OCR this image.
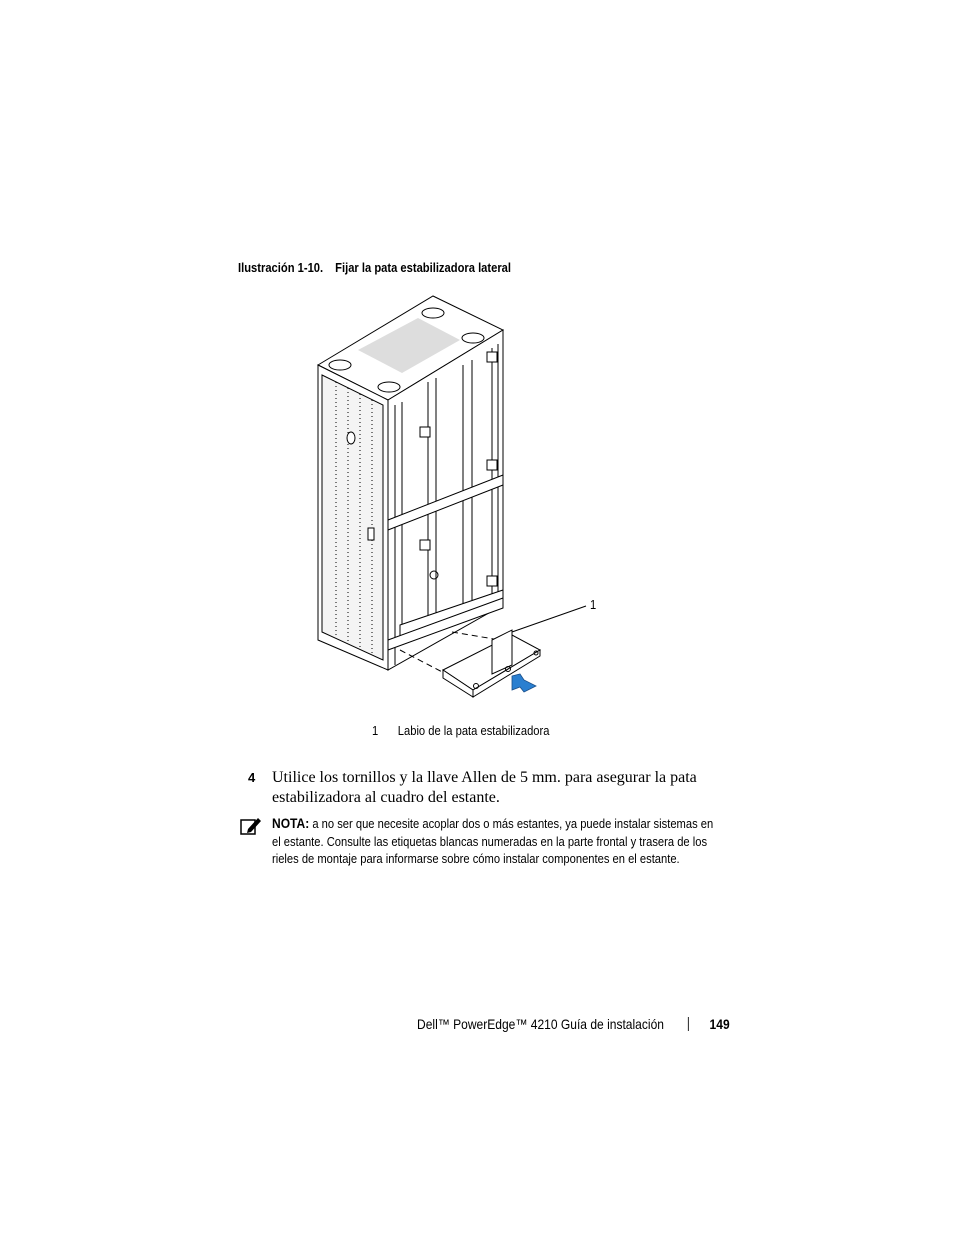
Ilustración 1-10. Fijar la pata estabilizadora lateral
1
1 Labio de la pata estabilizadora
4 Utilice los tornillos y la llave Allen de 5 mm. para asegurar la pata estabilizadora al cuadro del estante.
NOTA: a no ser que necesite acoplar dos o más estantes, ya puede instalar sistemas en el estante. Consulte las etiquetas blancas numeradas en la parte frontal y trasera de los rieles de montaje para informarse sobre cómo instalar componentes en el estante.
Dell™ PowerEdge™ 4210 Guía de instalación	149
